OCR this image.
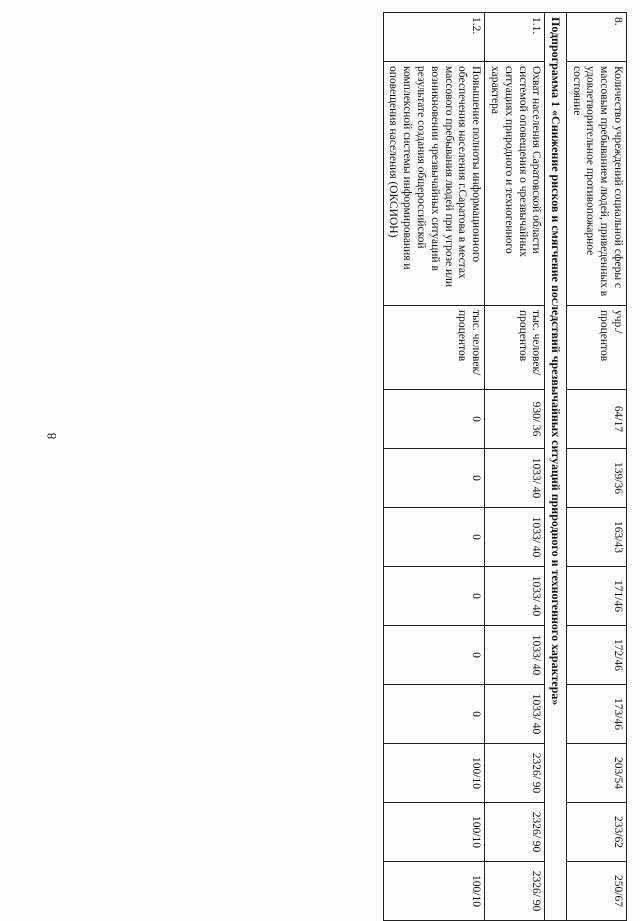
8
8.	Количество учреждений социальной сферы с массовым пребыванием людей, приведенных в удовлетворительное противопожарное состояние	учр./ процентов	64/17	139/36	163/43	171/46	172/46	173/46	203/54	233/62	250/67
Подпрограмма 1 «Снижение рисков и смягчение последствий чрезвычайных ситуаций природного и техногенного характера»											
1.1.	Охват населения Саратовской области системой оповещения о чрезвычайных ситуациях природного и техногенного характера	тыс. человек/ процентов	930/ 36	1033/ 40	1033/ 40	1033/ 40	1033/ 40	1033/ 40	2326/ 90	2326/ 90	2326/ 90
1.2.	Повышение полноты информационного обеспечения населения г.Саратова в местах массового пребывания людей при угрозе или возникновении чрезвычайных ситуаций в результате создания общероссийской комплексной системы информирования и оповещения населения (ОКСИОН)	тыс. человек/ процентов	0	0	0	0	0	0	100/10	100/10	100/10
